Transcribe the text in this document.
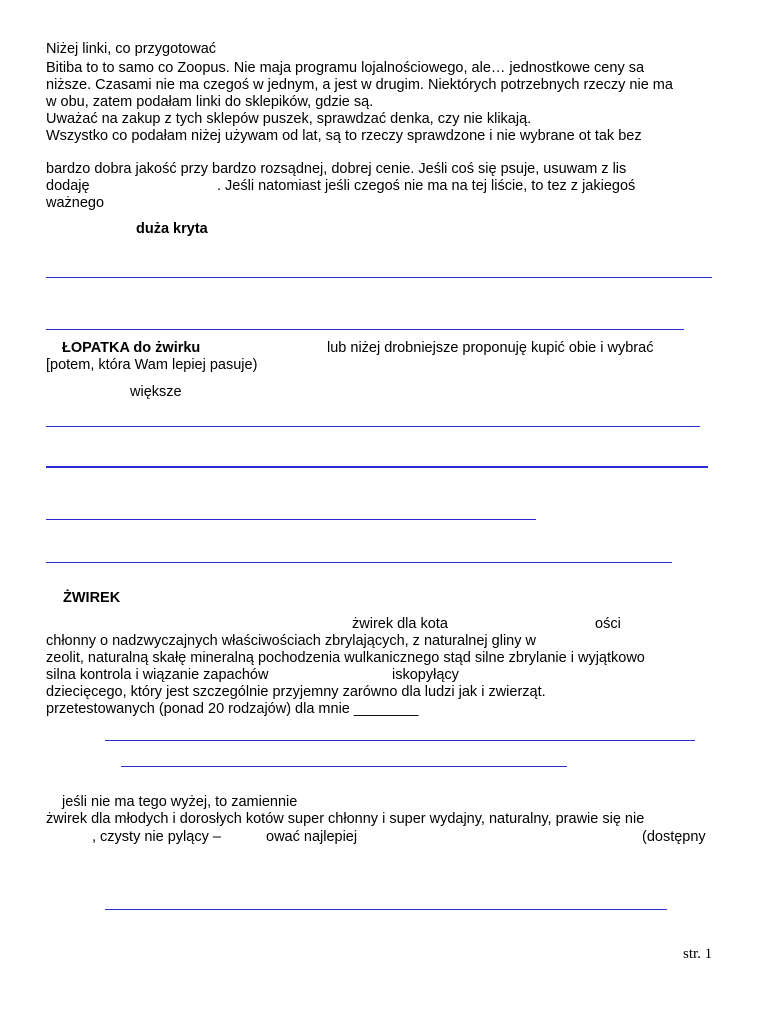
Niżej linki, co przygotować
Bitiba to to samo co Zoopus. Nie maja programu lojalnościowego, ale… jednostkowe ceny sa
niższe. Czasami nie ma czegoś w jednym, a jest w drugim. Niektórych potrzebnych rzeczy nie ma
w obu, zatem podałam linki do sklepików, gdzie są.
Uważać na zakup z tych sklepów puszek, sprawdzać denka, czy nie klikają.
Wszystko co podałam niżej używam od lat, są to rzeczy sprawdzone i nie wybrane ot tak bez
bardzo dobra jakość przy bardzo rozsądnej, dobrej cenie. Jeśli coś się psuje, usuwam z lis
dodaję	. Jeśli natomiast jeśli czegoś nie ma na tej liście, to tez z jakiegoś
ważnego
duża kryta
ŁOPATKA do żwirku	lub niżej drobniejsze proponuję kupić obie i wybrać
[potem, która Wam lepiej pasuje)
większe
ŻWIREK
żwirek dla kota	ości
chłonny o nadzwyczajnych właściwościach zbrylających, z naturalnej gliny w
zeolit, naturalną skałę mineralną pochodzenia wulkanicznego stąd silne zbrylanie i wyjątkowo
silna kontrola i wiązanie zapachów	iskopyłący
dziecięcego, który jest szczególnie przyjemny zarówno dla ludzi jak i zwierząt.
przetestowanych (ponad 20 rodzajów) dla mnie ________
jeśli nie ma tego wyżej, to zamiennie
żwirek dla młodych i dorosłych kotów super chłonny i super wydajny, naturalny, prawie się nie
, czysty nie pylący –	ować najlepiej	(dostępny
str. 1
